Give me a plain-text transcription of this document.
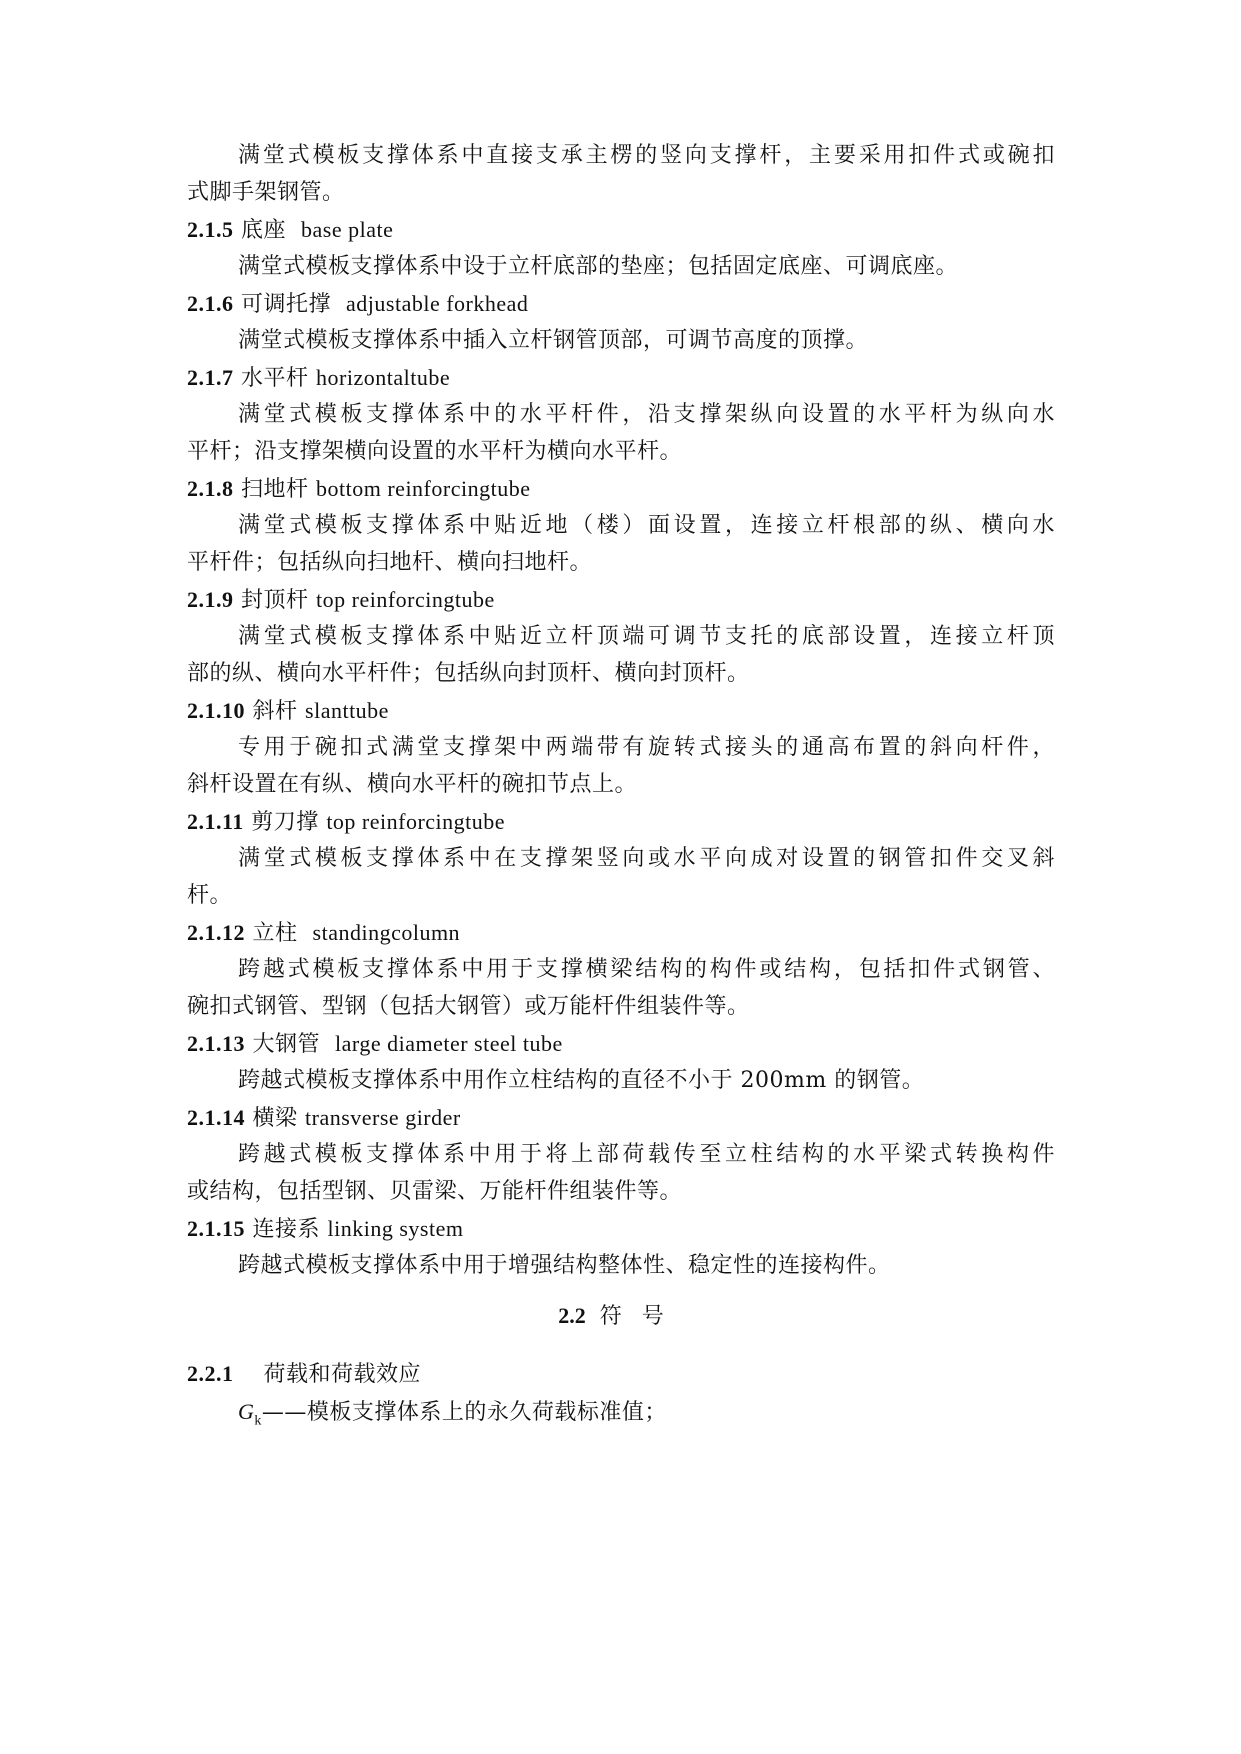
满堂式模板支撑体系中直接支承主楞的竖向支撑杆，主要采用扣件式或碗扣
式脚手架钢管。
2.1.5 底座 base plate
满堂式模板支撑体系中设于立杆底部的垫座；包括固定底座、可调底座。
2.1.6 可调托撑 adjustable forkhead
满堂式模板支撑体系中插入立杆钢管顶部，可调节高度的顶撑。
2.1.7 水平杆 horizontaltube
满堂式模板支撑体系中的水平杆件，沿支撑架纵向设置的水平杆为纵向水
平杆；沿支撑架横向设置的水平杆为横向水平杆。
2.1.8 扫地杆 bottom reinforcingtube
满堂式模板支撑体系中贴近地（楼）面设置，连接立杆根部的纵、横向水
平杆件；包括纵向扫地杆、横向扫地杆。
2.1.9 封顶杆 top reinforcingtube
满堂式模板支撑体系中贴近立杆顶端可调节支托的底部设置，连接立杆顶
部的纵、横向水平杆件；包括纵向封顶杆、横向封顶杆。
2.1.10 斜杆 slanttube
专用于碗扣式满堂支撑架中两端带有旋转式接头的通高布置的斜向杆件，
斜杆设置在有纵、横向水平杆的碗扣节点上。
2.1.11 剪刀撑 top reinforcingtube
满堂式模板支撑体系中在支撑架竖向或水平向成对设置的钢管扣件交叉斜
杆。
2.1.12 立柱 standingcolumn
跨越式模板支撑体系中用于支撑横梁结构的构件或结构，包括扣件式钢管、
碗扣式钢管、型钢（包括大钢管）或万能杆件组装件等。
2.1.13 大钢管 large diameter steel tube
跨越式模板支撑体系中用作立柱结构的直径不小于 200mm 的钢管。
2.1.14 横梁 transverse girder
跨越式模板支撑体系中用于将上部荷载传至立柱结构的水平梁式转换构件
或结构，包括型钢、贝雷梁、万能杆件组装件等。
2.1.15 连接系 linking system
跨越式模板支撑体系中用于增强结构整体性、稳定性的连接构件。
2.2 符号
2.2.1 荷载和荷载效应
$G_k——$模板支撑体系上的永久荷载标准值；
